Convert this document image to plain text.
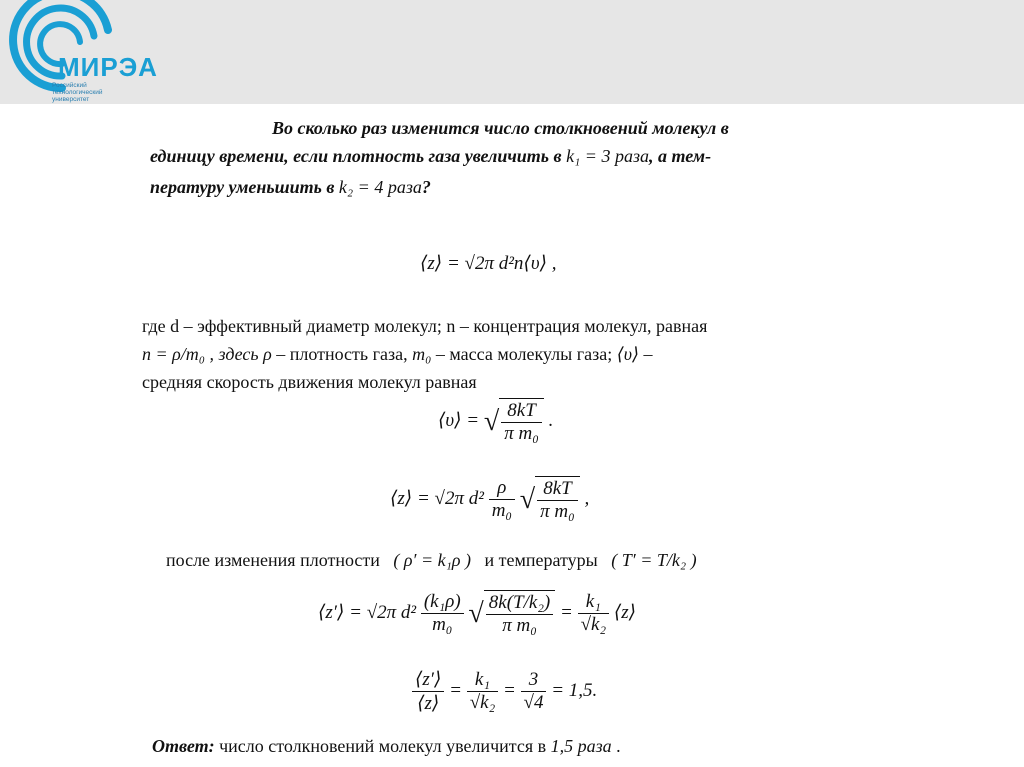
МИРЭА
Российский
технологический
университет
Во сколько раз изменится число столкновений молекул в
единицу времени, если плотность газа увеличить в k₁ = 3 раза, а тем-
пературу уменьшить в k₂ = 4 раза?
⟨z⟩ = √2π d²n⟨υ⟩ ,
где d – эффективный диаметр молекул; n – концентрация молекул, равная
n = ρ/m₀ , здесь ρ – плотность газа, m₀ – масса молекулы газа; ⟨υ⟩ –
средняя скорость движения молекул равная
⟨υ⟩ = √ $\frac{8kT}{\text{π m₀}}$ .
⟨z⟩ = √2π $d^2 \frac{\rho}{\text{m₀}}$ √ $\frac{8kT}{\text{π m₀}}$ ,
после изменения плотности ( ρ′ = k₁ρ ) и температуры ( T′ = T/k₂ )
⟨z′⟩ = √2π $d^2 \frac{\text{(k₁ρ)}}{\text{m₀}}$ √ $\frac{\text{8k(T/k₂)}}{\text{π m₀}} = \frac{\text{k₁}}{\text{√k₂}}$ ⟨z⟩
$\frac{⟨z'⟩}{⟨z⟩} = \frac{\text{k₁}}{\text{√k₂}} = \frac{3}{√4} = 1,5$.
Ответ: число столкновений молекул увеличится в 1,5 раза .
